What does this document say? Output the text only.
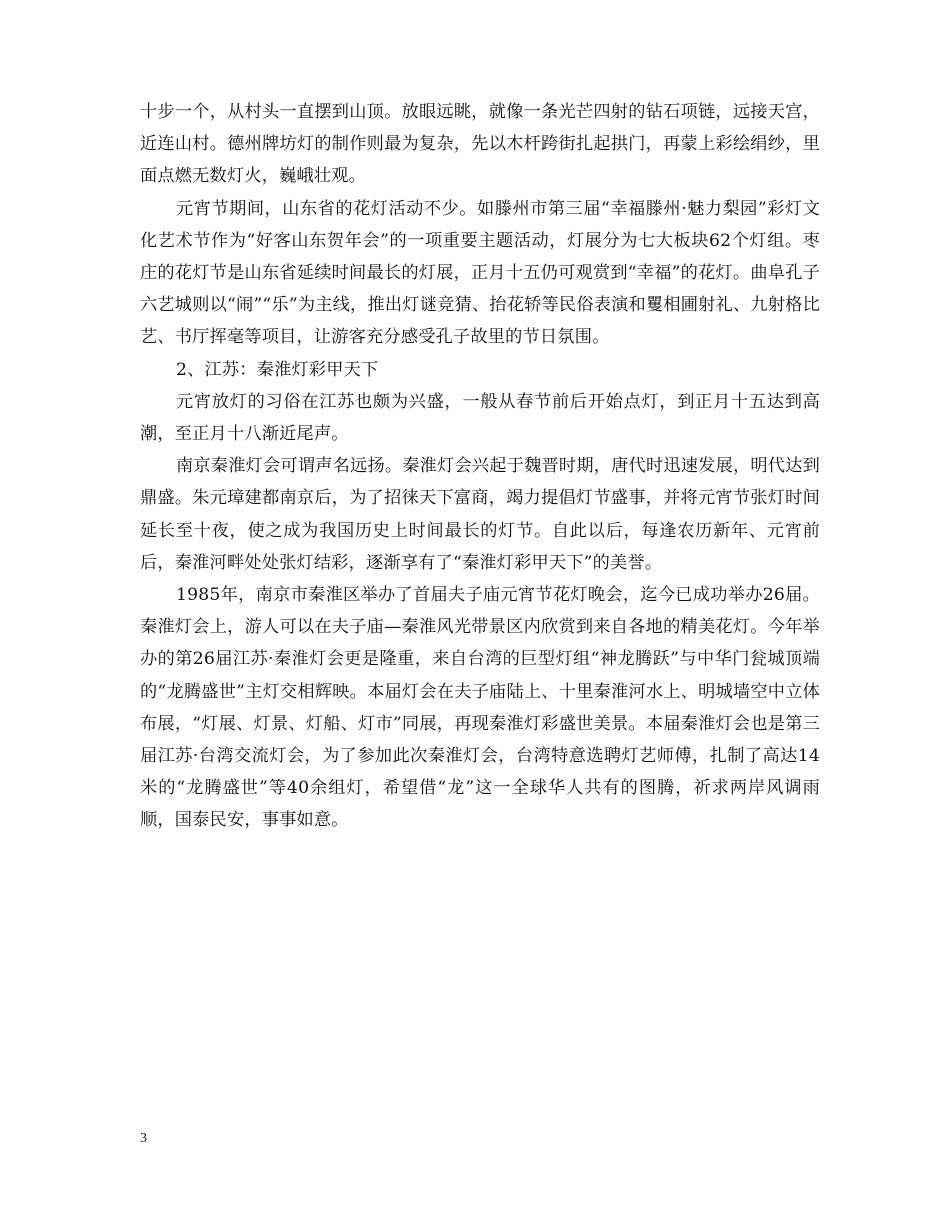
十步一个，从村头一直摆到山顶。放眼远眺，就像一条光芒四射的钻石项链，远接天宫，近连山村。德州牌坊灯的制作则最为复杂，先以木杆跨街扎起拱门，再蒙上彩绘绢纱，里面点燃无数灯火，巍峨壮观。

元宵节期间，山东省的花灯活动不少。如滕州市第三届“幸福滕州·魅力梨园”彩灯文化艺术节作为“好客山东贺年会”的一项重要主题活动，灯展分为七大板块62个灯组。枣庄的花灯节是山东省延续时间最长的灯展，正月十五仍可观赏到“幸福”的花灯。曲阜孔子六艺城则以“闹”“乐”为主线，推出灯谜竞猜、抬花轿等民俗表演和矍相圃射礼、九射格比艺、书厅挥毫等项目，让游客充分感受孔子故里的节日氛围。

2、江苏：秦淮灯彩甲天下

元宵放灯的习俗在江苏也颇为兴盛，一般从春节前后开始点灯，到正月十五达到高潮，至正月十八渐近尾声。

南京秦淮灯会可谓声名远扬。秦淮灯会兴起于魏晋时期，唐代时迅速发展，明代达到鼎盛。朱元璋建都南京后，为了招徕天下富商，竭力提倡灯节盛事，并将元宵节张灯时间延长至十夜，使之成为我国历史上时间最长的灯节。自此以后，每逢农历新年、元宵前后，秦淮河畔处处张灯结彩，逐渐享有了“秦淮灯彩甲天下”的美誉。

1985年，南京市秦淮区举办了首届夫子庙元宵节花灯晚会，迄今已成功举办26届。秦淮灯会上，游人可以在夫子庙—秦淮风光带景区内欣赏到来自各地的精美花灯。今年举办的第26届江苏·秦淮灯会更是隆重，来自台湾的巨型灯组“神龙腾跃”与中华门瓮城顶端的“龙腾盛世”主灯交相辉映。本届灯会在夫子庙陆上、十里秦淮河水上、明城墙空中立体布展，“灯展、灯景、灯船、灯市”同展，再现秦淮灯彩盛世美景。本届秦淮灯会也是第三届江苏·台湾交流灯会，为了参加此次秦淮灯会，台湾特意选聘灯艺师傅，扎制了高达14米的“龙腾盛世”等40余组灯，希望借“龙”这一全球华人共有的图腾，祈求两岸风调雨顺，国泰民安，事事如意。

3
